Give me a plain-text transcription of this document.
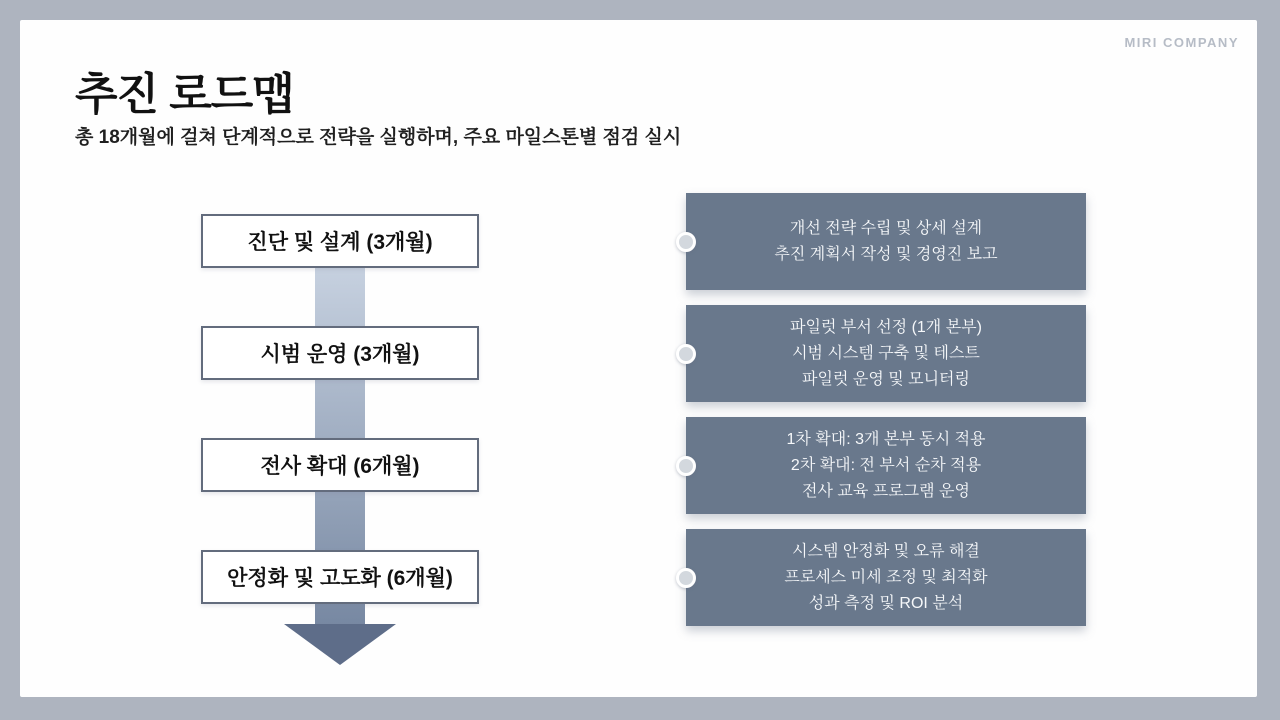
MIRI COMPANY
추진 로드맵

총 18개월에 걸쳐 단계적으로 전략을 실행하며, 주요 마일스톤별 점검 실시

진단 및 설계 (3개월)
시범 운영 (3개월)
전사 확대 (6개월)
안정화 및 고도화 (6개월)
개선 전략 수립 및 상세 설계
추진 계획서 작성 및 경영진 보고
파일럿 부서 선정 (1개 본부)
시범 시스템 구축 및 테스트
파일럿 운영 및 모니터링
1차 확대: 3개 본부 동시 적용
2차 확대: 전 부서 순차 적용
전사 교육 프로그램 운영
시스템 안정화 및 오류 해결
프로세스 미세 조정 및 최적화
성과 측정 및 ROI 분석
